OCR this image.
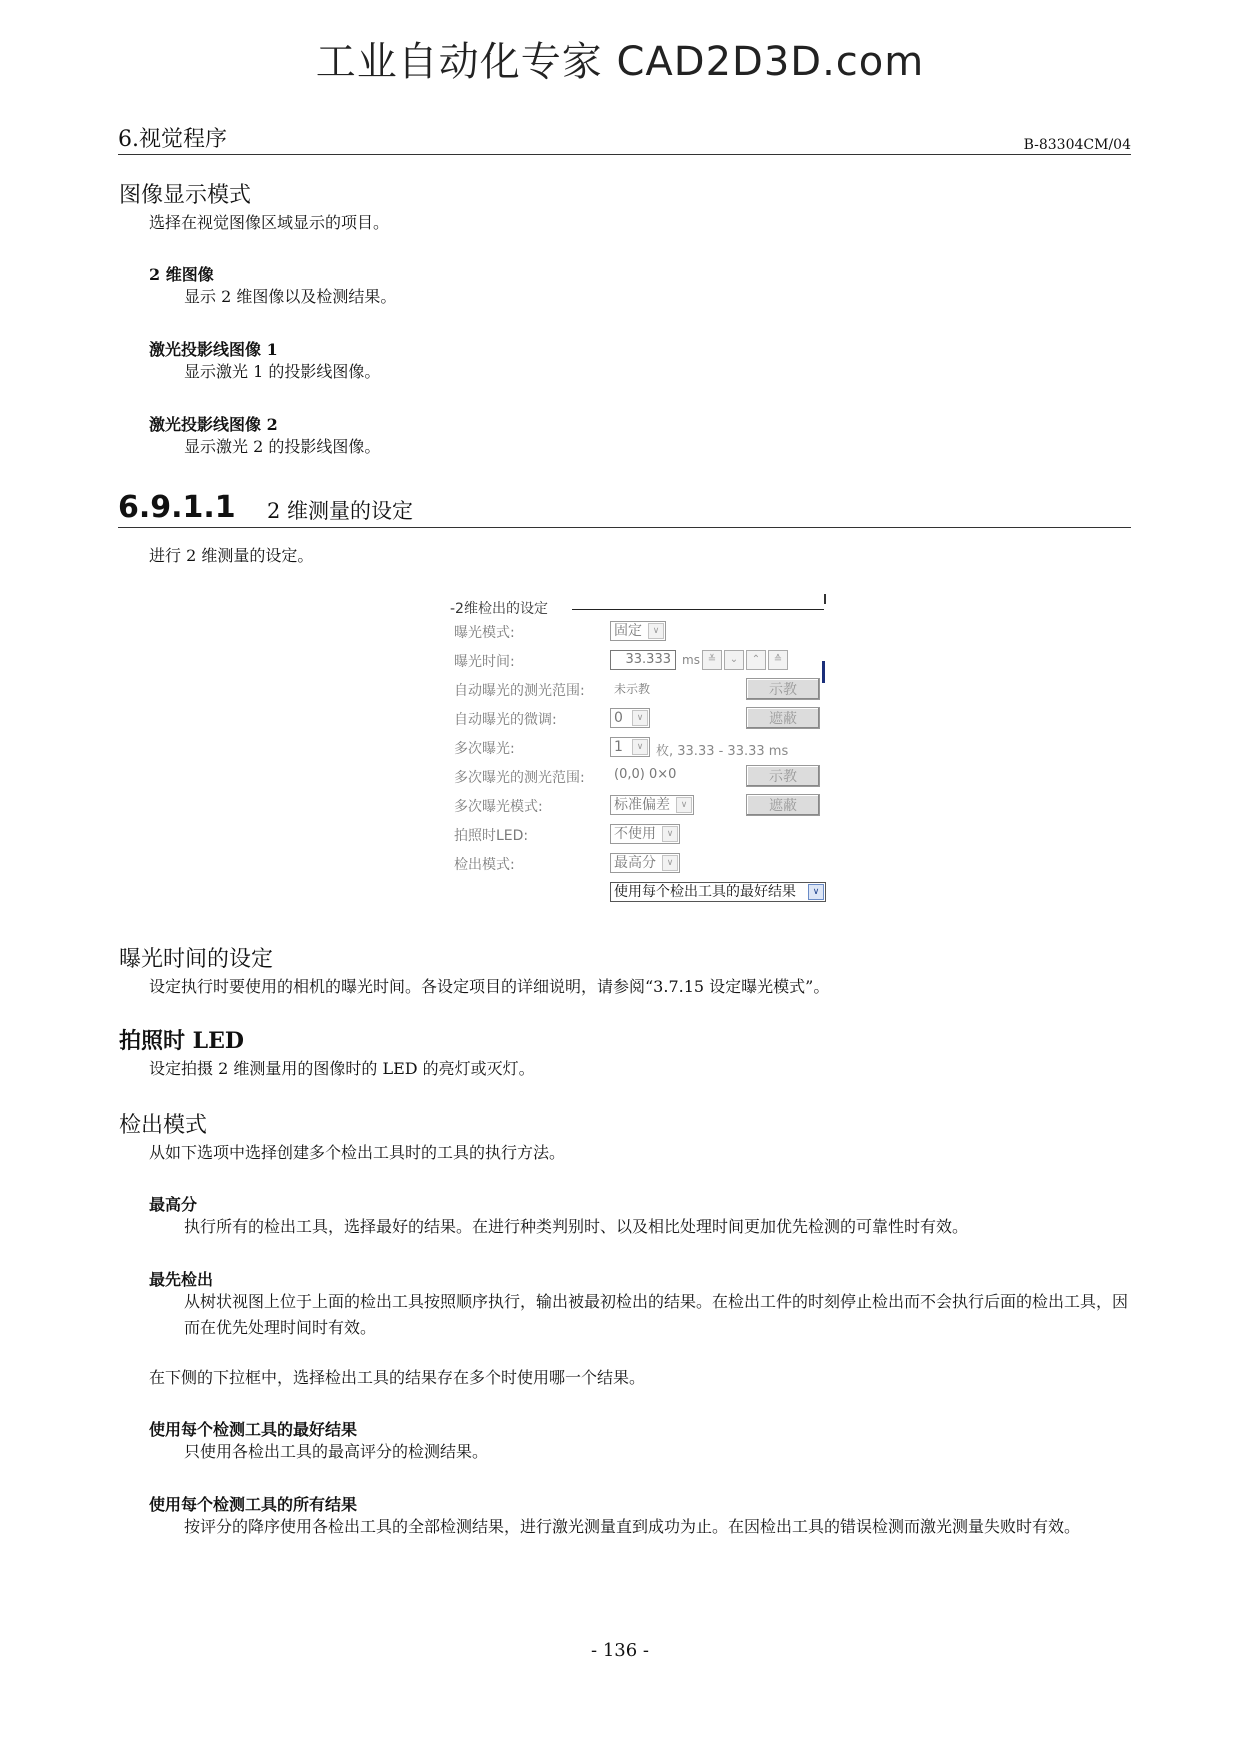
工业自动化专家 CAD2D3D.com
6.视觉程序	B-83304CM/04
图像显示模式
选择在视觉图像区域显示的项目。
2 维图像
显示 2 维图像以及检测结果。
激光投影线图像 1
显示激光 1 的投影线图像。
激光投影线图像 2
显示激光 2 的投影线图像。
6.9.1.1 2 维测量的设定
进行 2 维测量的设定。
-2维检出的设定
曝光模式:	固定	∨
曝光时间:	33.333 ms ≚	⌄	⌃	≙
自动曝光的测光范围: 未示教	示教
自动曝光的微调:	0	∨	遮蔽
多次曝光:	1	∨ 枚, 33.33 - 33.33 ms
多次曝光的测光范围: (0,0) 0×0	示教
多次曝光模式:	标准偏差	∨	遮蔽
拍照时LED:	不使用	∨
检出模式:	最高分	∨
使用每个检出工具的最好结果	∨
曝光时间的设定
设定执行时要使用的相机的曝光时间。各设定项目的详细说明，请参阅“3.7.15 设定曝光模式”。
拍照时 LED
设定拍摄 2 维测量用的图像时的 LED 的亮灯或灭灯。
检出模式
从如下选项中选择创建多个检出工具时的工具的执行方法。
最高分
执行所有的检出工具，选择最好的结果。在进行种类判别时、以及相比处理时间更加优先检测的可靠性时有效。
最先检出
从树状视图上位于上面的检出工具按照顺序执行，输出被最初检出的结果。在检出工件的时刻停止检出而不会执行后面的检出工具，因而在优先处理时间时有效。
在下侧的下拉框中，选择检出工具的结果存在多个时使用哪一个结果。
使用每个检测工具的最好结果
只使用各检出工具的最高评分的检测结果。
使用每个检测工具的所有结果
按评分的降序使用各检出工具的全部检测结果，进行激光测量直到成功为止。在因检出工具的错误检测而激光测量失败时有效。
- 136 -
